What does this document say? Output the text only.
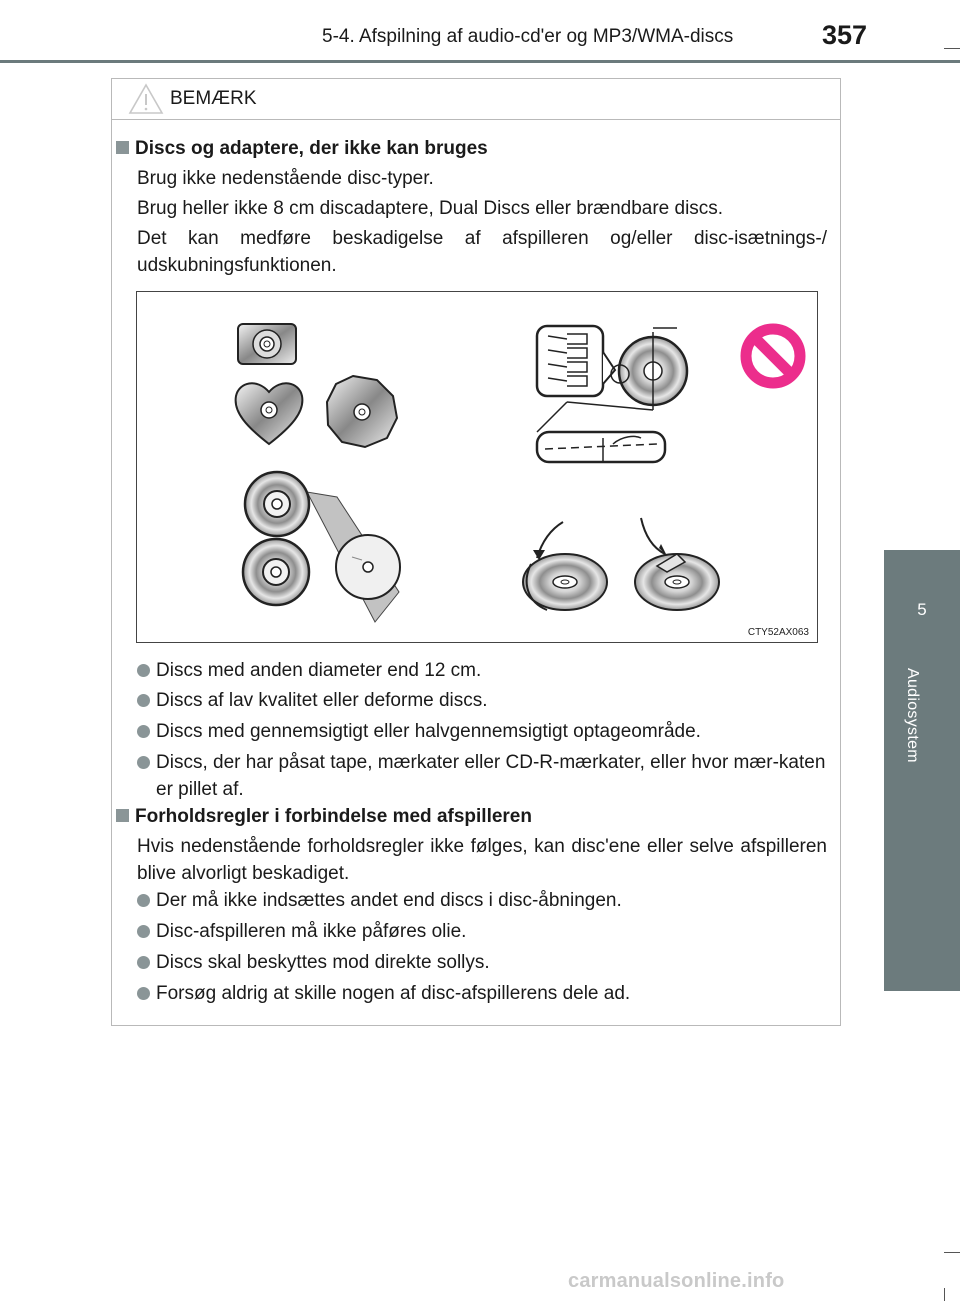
5-4. Afspilning af audio-cd'er og MP3/WMA-discs	357
5
Audiosystem
BEMÆRK
Discs og adaptere, der ikke kan bruges
Brug ikke nedenstående disc-typer.
Brug heller ikke 8 cm discadaptere, Dual Discs eller brændbare discs.
Det kan medføre beskadigelse af afspilleren og/eller disc-isætnings-/ udskubningsfunktionen.
CTY52AX063
Discs med anden diameter end 12 cm.
Discs af lav kvalitet eller deforme discs.
Discs med gennemsigtigt eller halvgennemsigtigt optageområde.
Discs, der har påsat tape, mærkater eller CD-R-mærkater, eller hvor mær-katen er pillet af.
Forholdsregler i forbindelse med afspilleren
Hvis nedenstående forholdsregler ikke følges, kan disc'ene eller selve afspilleren blive alvorligt beskadiget.
Der må ikke indsættes andet end discs i disc-åbningen.
Disc-afspilleren må ikke påføres olie.
Discs skal beskyttes mod direkte sollys.
Forsøg aldrig at skille nogen af disc-afspillerens dele ad.
carmanualsonline.info
